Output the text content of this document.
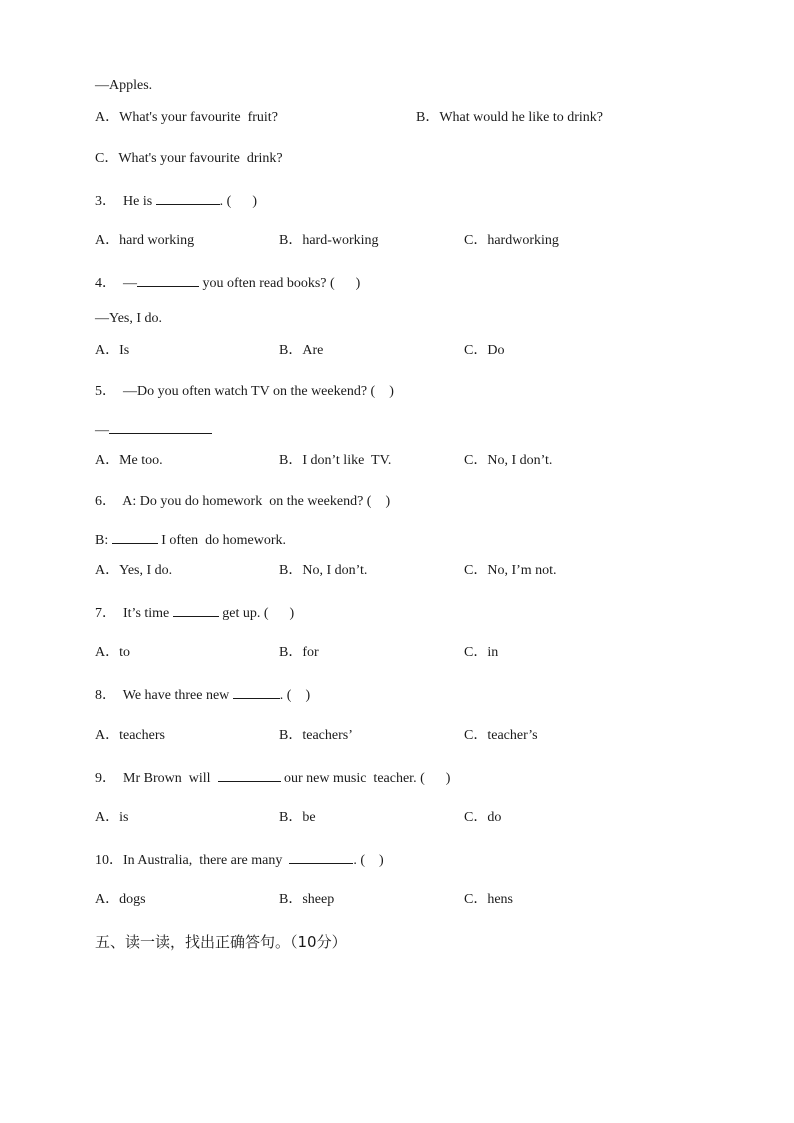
—Apples.
A．What's your favourite  fruit?	B．What would he like to drink?
C．What's your favourite  drink?
3．  He is	. (      )
A．hard working	B．hard-working	C．hardworking
4．  —	you often read books? (      )
—Yes, I do.
A．Is	B．Are	C．Do
5．  —Do you often watch TV on the weekend? (    )
—
A．Me too.	B．I don’t like  TV.	C．No, I don’t.
6．  A: Do you do homework  on the weekend? (    )
B:	I often  do homework.
A．Yes, I do.	B．No, I don’t.	C．No, I’m not.
7．  It’s time	get up. (      )
A．to	B．for	C．in
8．  We have three new	. (    )
A．teachers	B．teachers’	C．teacher’s
9．  Mr Brown  will	our new music  teacher. (      )
A．is	B．be	C．do
10．In Australia,  there are many	. (    )
A．dogs	B．sheep	C．hens
五、读一读，找出正确答句。（10分）
